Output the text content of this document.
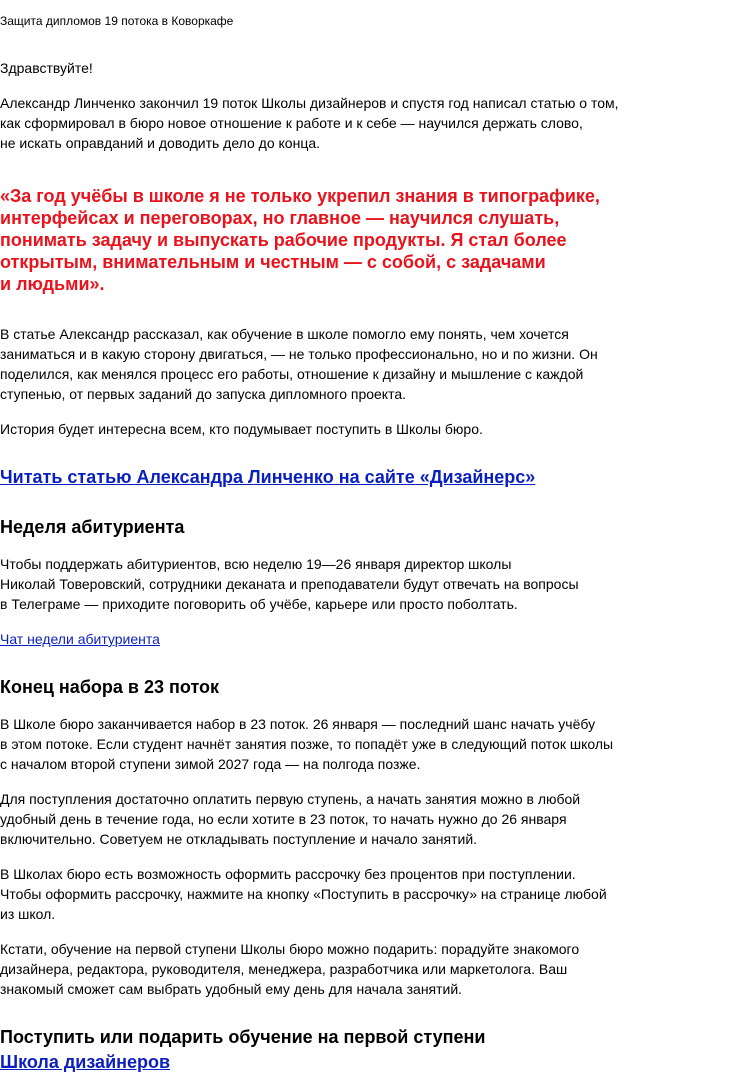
Защита дипломов 19 потока в Коворкафе

Здравствуйте!

Александр Линченко закончил 19 поток Школы дизайнеров и спустя год написал статью о том,
как сформировал в бюро новое отношение к работе и к себе — научился держать слово,
не искать оправданий и доводить дело до конца.

«За год учёбы в школе я не только укрепил знания в типографике,
интерфейсах и переговорах, но главное — научился слушать,
понимать задачу и выпускать рабочие продукты. Я стал более
открытым, внимательным и честным — с собой, с задачами
и людьми».

В статье Александр рассказал, как обучение в школе помогло ему понять, чем хочется
заниматься и в какую сторону двигаться, — не только профессионально, но и по жизни. Он
поделился, как менялся процесс его работы, отношение к дизайну и мышление с каждой
ступенью, от первых заданий до запуска дипломного проекта.

История будет интересна всем, кто подумывает поступить в Школы бюро.

Читать статью Александра Линченко на сайте «Дизайнерс»
Неделя абитуриента

Чтобы поддержать абитуриентов, всю неделю 19—26 января директор школы
Николай Товеровский, сотрудники деканата и преподаватели будут отвечать на вопросы
в Телеграме — приходите поговорить об учёбе, карьере или просто поболтать.

Чат недели абитуриента
Конец набора в 23 поток

В Школе бюро заканчивается набор в 23 поток. 26 января — последний шанс начать учёбу
в этом потоке. Если студент начнёт занятия позже, то попадёт уже в следующий поток школы
с началом второй ступени зимой 2027 года — на полгода позже.

Для поступления достаточно оплатить первую ступень, а начать занятия можно в любой
удобный день в течение года, но если хотите в 23 поток, то начать нужно до 26 января
включительно. Советуем не откладывать поступление и начало занятий.

В Школах бюро есть возможность оформить рассрочку без процентов при поступлении.
Чтобы оформить рассрочку, нажмите на кнопку «Поступить в рассрочку» на странице любой
из школ.

Кстати, обучение на первой ступени Школы бюро можно подарить: порадуйте знакомого
дизайнера, редактора, руководителя, менеджера, разработчика или маркетолога. Ваш
знакомый сможет сам выбрать удобный ему день для начала занятий.

Поступить или подарить обучение на первой ступени
Школа дизайнеров
